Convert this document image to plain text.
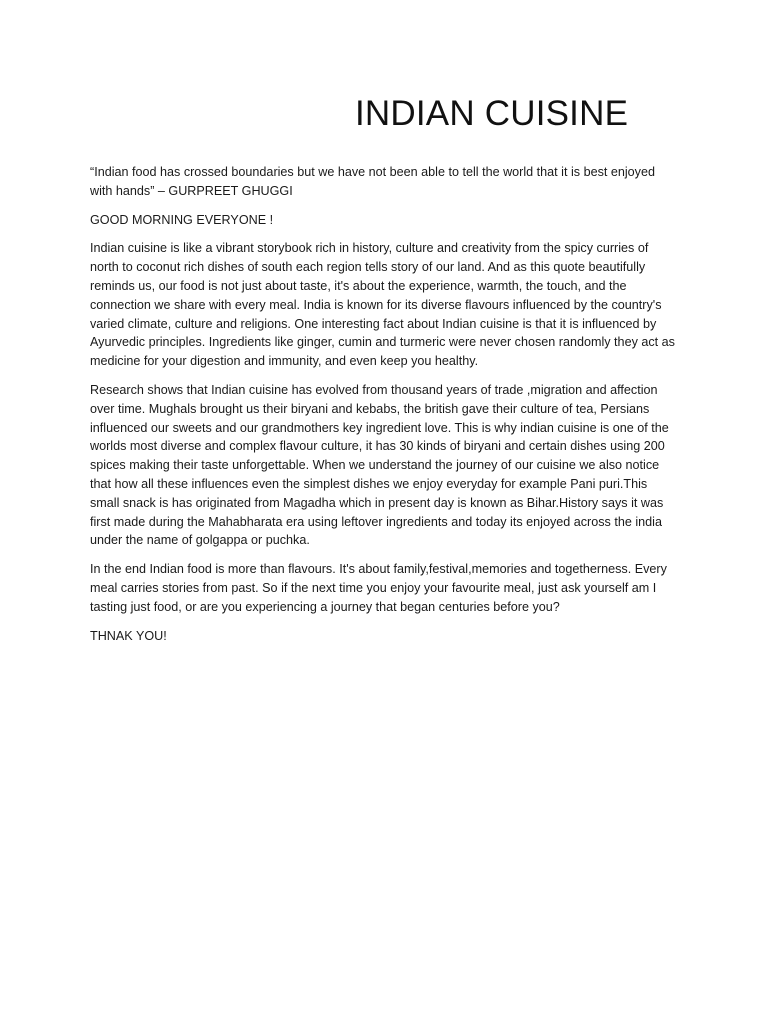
INDIAN CUISINE

“Indian food has crossed boundaries but we have not been able to tell the world that it is best enjoyed with hands” – GURPREET GHUGGI

GOOD MORNING EVERYONE !

Indian cuisine is like a vibrant storybook rich in history, culture and creativity from the spicy curries of north to coconut rich dishes of south each region tells story of our land. And as this quote beautifully reminds us, our food is not just about taste, it's about the experience, warmth, the touch, and the connection we share with every meal. India is known for its diverse flavours influenced by the country's varied climate, culture and religions. One interesting fact about Indian cuisine is that it is influenced by Ayurvedic principles. Ingredients like ginger, cumin and turmeric were never chosen randomly they act as medicine for your digestion and immunity, and even keep you healthy.

Research shows that Indian cuisine has evolved from thousand years of trade ,migration and affection over time. Mughals brought us their biryani and kebabs, the british gave their culture of tea, Persians influenced our sweets and our grandmothers key ingredient love. This is why indian cuisine is one of the worlds most diverse and complex flavour culture, it has 30 kinds of biryani and certain dishes using 200 spices making their taste unforgettable. When we understand the journey of our cuisine we also notice that how all these influences even the simplest dishes we enjoy everyday for example Pani puri.This small snack is has originated from Magadha which in present day is known as Bihar.History says it was first made during the Mahabharata era using leftover ingredients and today its enjoyed across the india under the name of golgappa or puchka.

In the end Indian food is more than flavours. It's about family,festival,memories and togetherness. Every meal carries stories from past. So if the next time you enjoy your favourite meal, just ask yourself am I tasting just food, or are you experiencing a journey that began centuries before you?

THNAK YOU!
